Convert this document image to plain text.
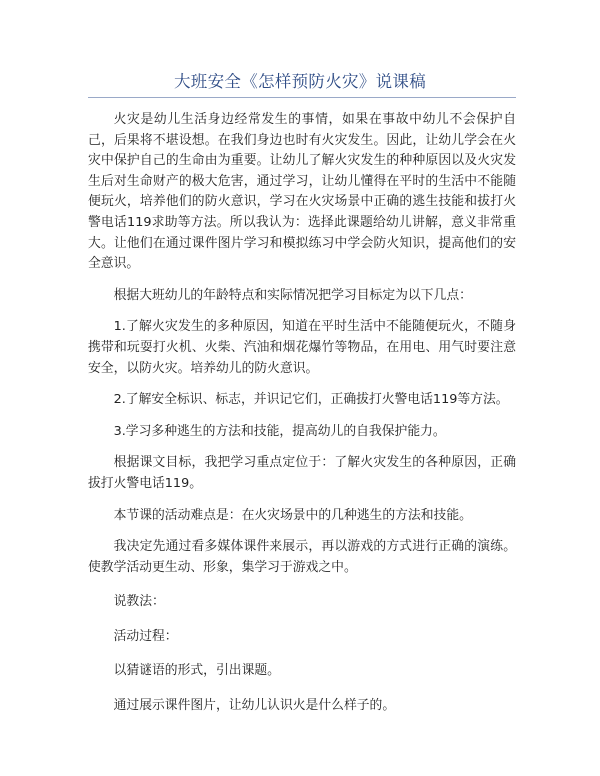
大班安全《怎样预防火灾》说课稿

火灾是幼儿生活身边经常发生的事情，如果在事故中幼儿不会保护自己，后果将不堪设想。在我们身边也时有火灾发生。因此，让幼儿学会在火灾中保护自己的生命由为重要。让幼儿了解火灾发生的种种原因以及火灾发生后对生命财产的极大危害，通过学习，让幼儿懂得在平时的生活中不能随便玩火，培养他们的防火意识，学习在火灾场景中正确的逃生技能和拔打火警电话119求助等方法。所以我认为：选择此课题给幼儿讲解，意义非常重大。让他们在通过课件图片学习和模拟练习中学会防火知识，提高他们的安全意识。

根据大班幼儿的年龄特点和实际情况把学习目标定为以下几点：

1.了解火灾发生的多种原因，知道在平时生活中不能随便玩火，不随身携带和玩耍打火机、火柴、汽油和烟花爆竹等物品，在用电、用气时要注意安全，以防火灾。培养幼儿的防火意识。

2.了解安全标识、标志，并识记它们，正确拔打火警电话119等方法。

3.学习多种逃生的方法和技能，提高幼儿的自我保护能力。

根据课文目标，我把学习重点定位于：了解火灾发生的各种原因，正确拔打火警电话119。

本节课的活动难点是：在火灾场景中的几种逃生的方法和技能。

我决定先通过看多媒体课件来展示，再以游戏的方式进行正确的演练。使教学活动更生动、形象，集学习于游戏之中。

说教法：

活动过程：

以猜谜语的形式，引出课题。

通过展示课件图片，让幼儿认识火是什么样子的。
